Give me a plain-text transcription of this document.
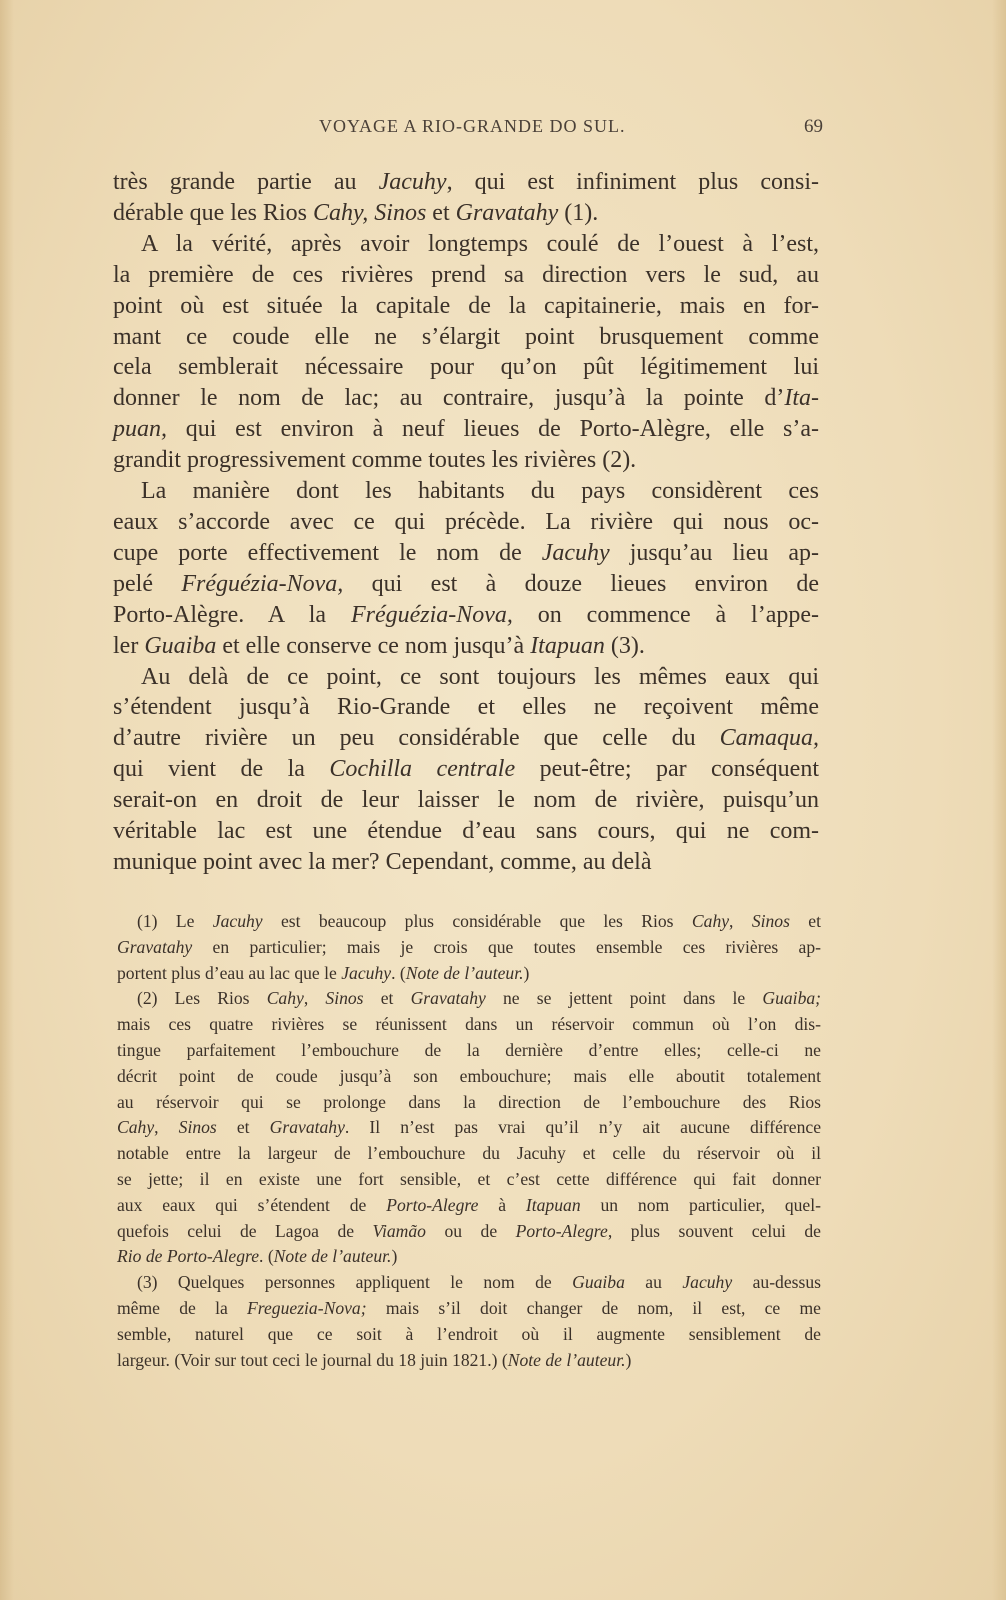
VOYAGE A RIO-GRANDE DO SUL.	69
très grande partie au Jacuhy, qui est infiniment plus consi-
dérable que les Rios Cahy, Sinos et Gravatahy (1).
A la vérité, après avoir longtemps coulé de l’ouest à l’est,
la première de ces rivières prend sa direction vers le sud, au
point où est située la capitale de la capitainerie, mais en for-
mant ce coude elle ne s’élargit point brusquement comme
cela semblerait nécessaire pour qu’on pût légitimement lui
donner le nom de lac; au contraire, jusqu’à la pointe d’Ita-
puan, qui est environ à neuf lieues de Porto-Alègre, elle s’a-
grandit progressivement comme toutes les rivières (2).
La manière dont les habitants du pays considèrent ces
eaux s’accorde avec ce qui précède. La rivière qui nous oc-
cupe porte effectivement le nom de Jacuhy jusqu’au lieu ap-
pelé Fréguézia-Nova, qui est à douze lieues environ de
Porto-Alègre. A la Fréguézia-Nova, on commence à l’appe-
ler Guaiba et elle conserve ce nom jusqu’à Itapuan (3).
Au delà de ce point, ce sont toujours les mêmes eaux qui
s’étendent jusqu’à Rio-Grande et elles ne reçoivent même
d’autre rivière un peu considérable que celle du Camaqua,
qui vient de la Cochilla centrale peut-être; par conséquent
serait-on en droit de leur laisser le nom de rivière, puisqu’un
véritable lac est une étendue d’eau sans cours, qui ne com-
munique point avec la mer? Cependant, comme, au delà
(1) Le Jacuhy est beaucoup plus considérable que les Rios Cahy, Sinos et
Gravatahy en particulier; mais je crois que toutes ensemble ces rivières ap-
portent plus d’eau au lac que le Jacuhy. (Note de l’auteur.)
(2) Les Rios Cahy, Sinos et Gravatahy ne se jettent point dans le Guaiba;
mais ces quatre rivières se réunissent dans un réservoir commun où l’on dis-
tingue parfaitement l’embouchure de la dernière d’entre elles; celle-ci ne
décrit point de coude jusqu’à son embouchure; mais elle aboutit totalement
au réservoir qui se prolonge dans la direction de l’embouchure des Rios
Cahy, Sinos et Gravatahy. Il n’est pas vrai qu’il n’y ait aucune différence
notable entre la largeur de l’embouchure du Jacuhy et celle du réservoir où il
se jette; il en existe une fort sensible, et c’est cette différence qui fait donner
aux eaux qui s’étendent de Porto-Alegre à Itapuan un nom particulier, quel-
quefois celui de Lagoa de Viamão ou de Porto-Alegre, plus souvent celui de
Rio de Porto-Alegre. (Note de l’auteur.)
(3) Quelques personnes appliquent le nom de Guaiba au Jacuhy au-dessus
même de la Freguezia-Nova; mais s’il doit changer de nom, il est, ce me
semble, naturel que ce soit à l’endroit où il augmente sensiblement de
largeur. (Voir sur tout ceci le journal du 18 juin 1821.) (Note de l’auteur.)
